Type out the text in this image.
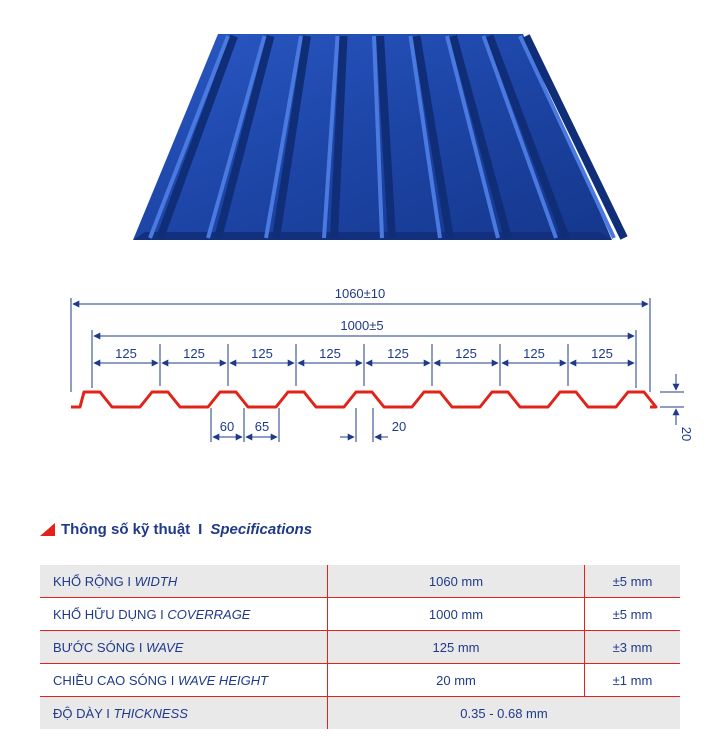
1060±10
1000±5
125	125	125	125	125	125	125	125
60 65	20	20
Thông số kỹ thuật I Specifications
KHỔ RỘNG I WIDTH	1060 mm	±5 mm
KHỔ HỮU DỤNG I COVERRAGE	1000 mm	±5 mm
BƯỚC SÓNG I WAVE	125 mm	±3 mm
CHIỀU CAO SÓNG I WAVE HEIGHT	20 mm	±1 mm
ĐỘ DÀY I THICKNESS	0.35 - 0.68 mm	
